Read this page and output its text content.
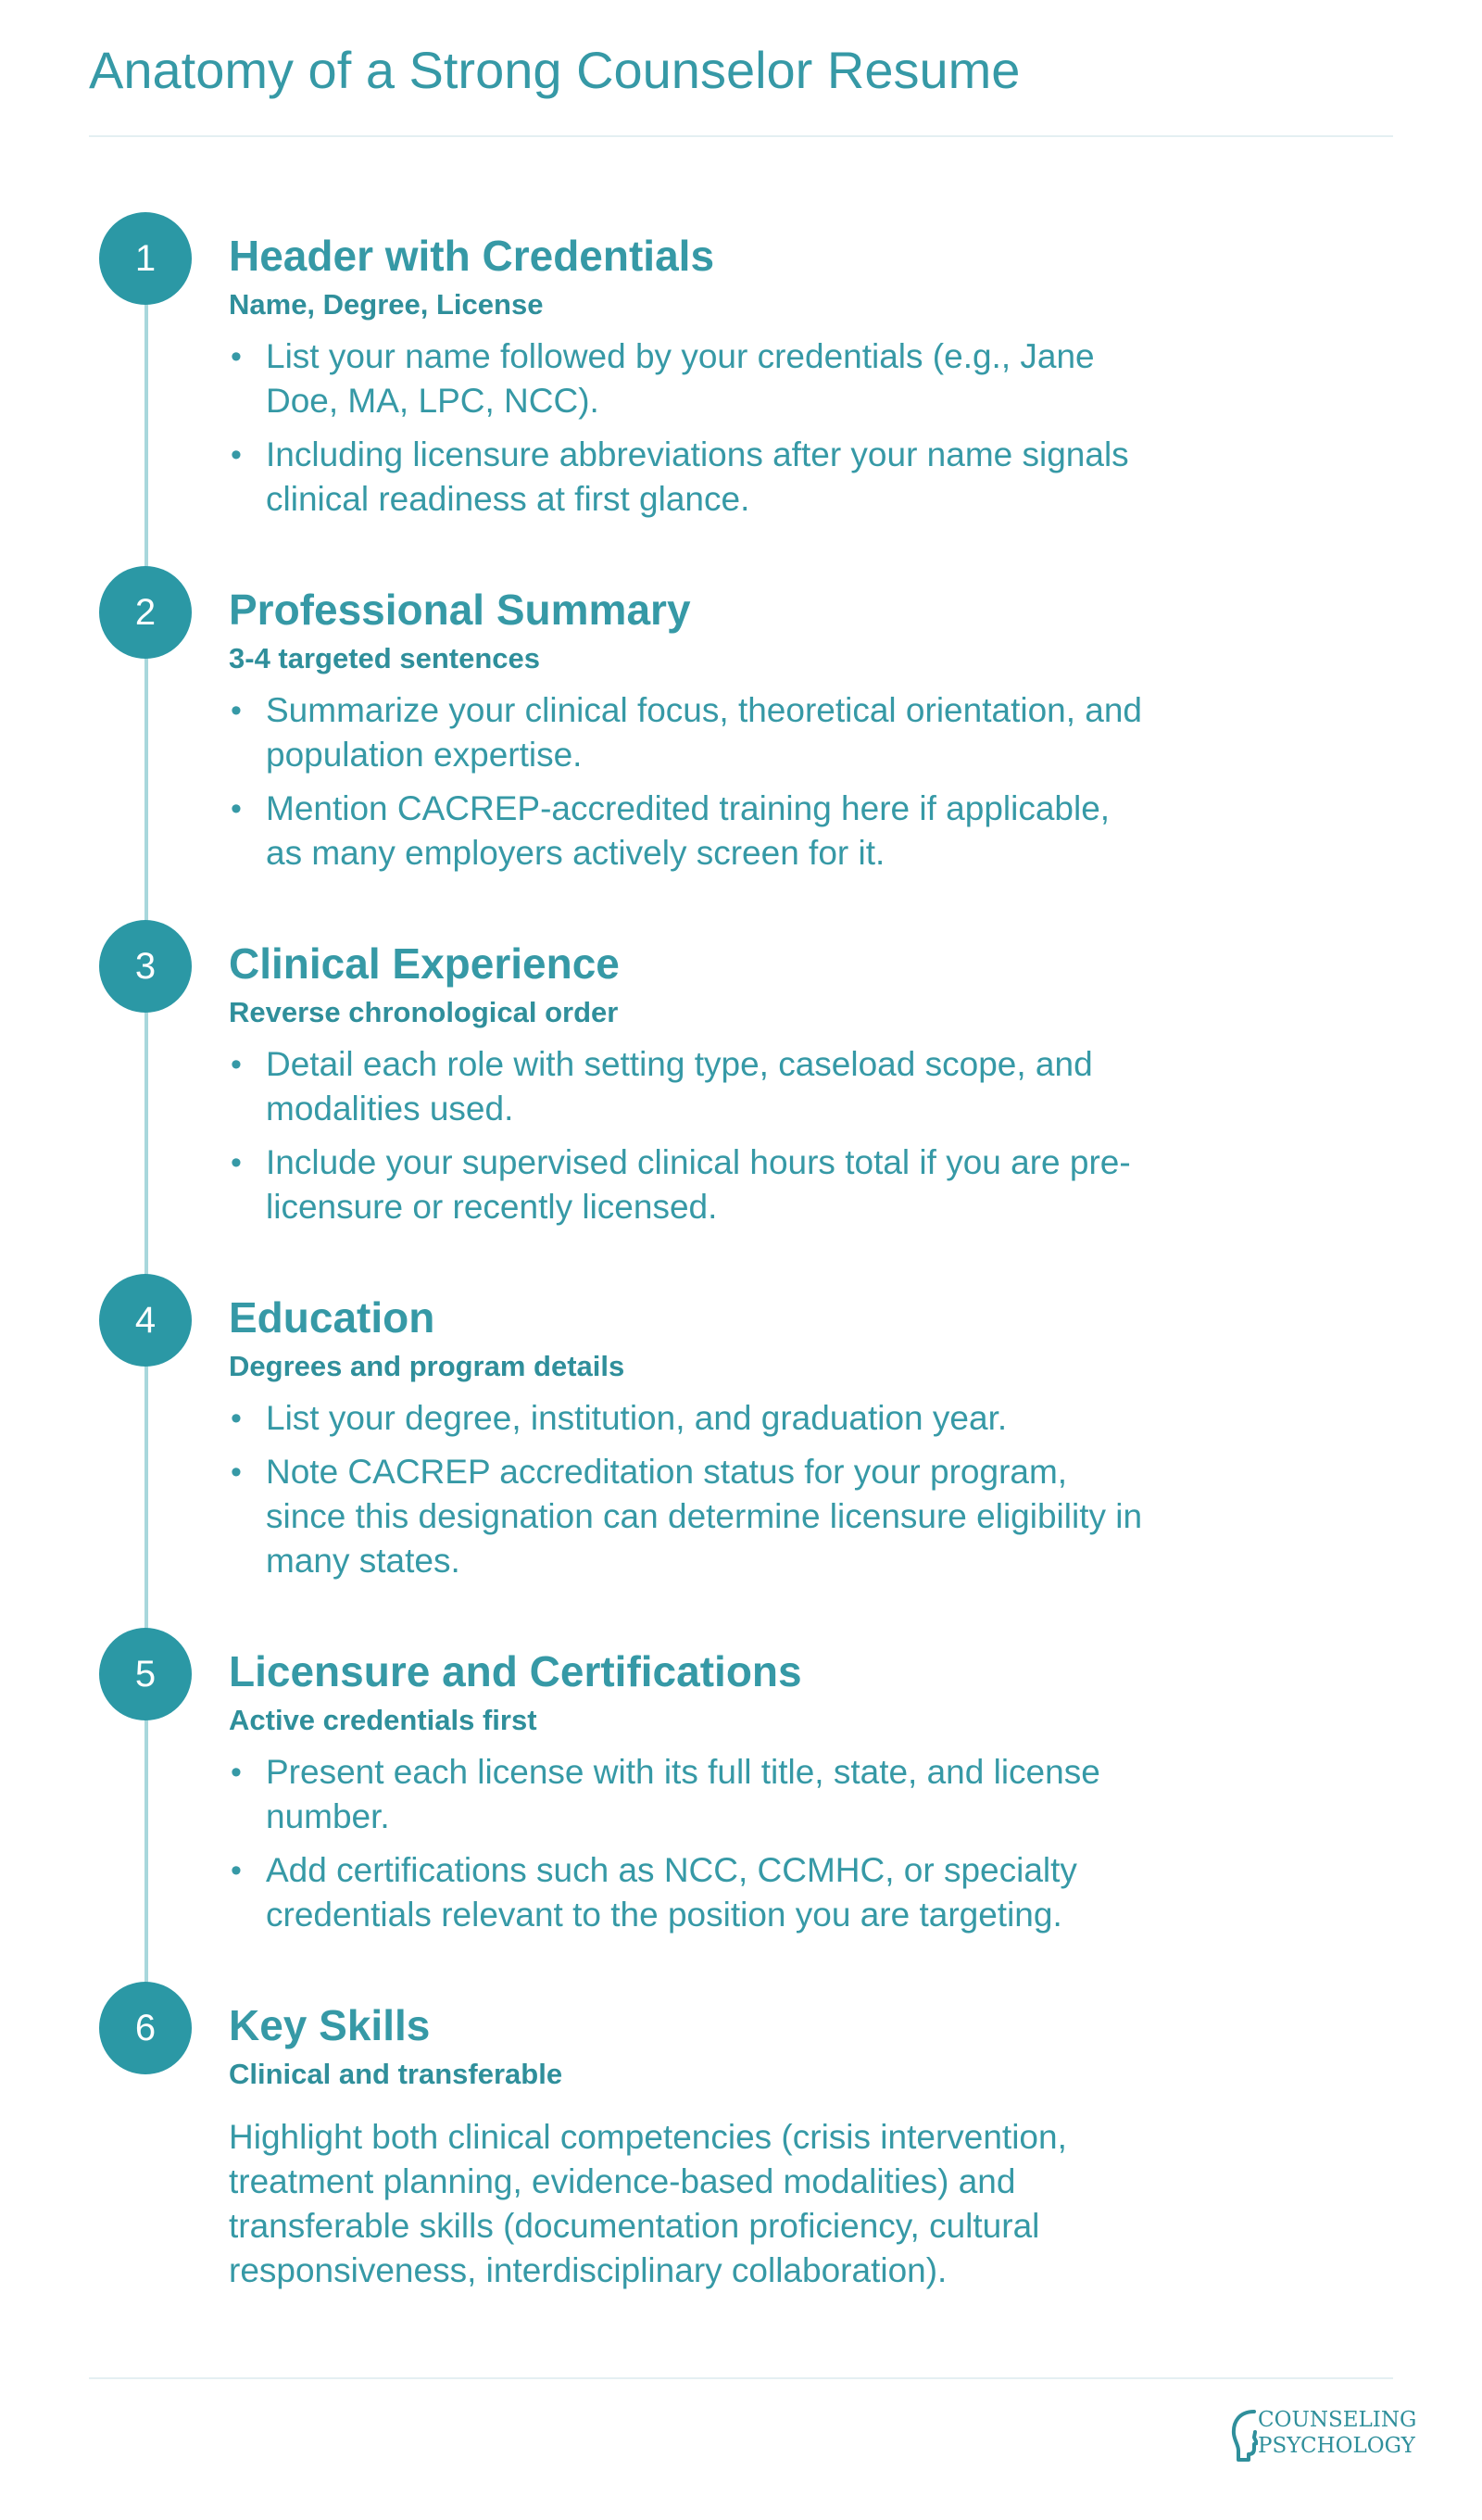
Anatomy of a Strong Counselor Resume
1	Header with Credentials
Name, Degree, License
• List your name followed by your credentials (e.g., Jane Doe, MA, LPC, NCC).
• Including licensure abbreviations after your name signals clinical readiness at first glance.
2	Professional Summary
3-4 targeted sentences
• Summarize your clinical focus, theoretical orientation, and population expertise.
• Mention CACREP-accredited training here if applicable, as many employers actively screen for it.
3	Clinical Experience
Reverse chronological order
• Detail each role with setting type, caseload scope, and modalities used.
• Include your supervised clinical hours total if you are pre-licensure or recently licensed.
4	Education
Degrees and program details
• List your degree, institution, and graduation year.
• Note CACREP accreditation status for your program, since this designation can determine licensure eligibility in many states.
5	Licensure and Certifications
Active credentials first
• Present each license with its full title, state, and license number.
• Add certifications such as NCC, CCMHC, or specialty credentials relevant to the position you are targeting.
6	Key Skills
Clinical and transferable

Highlight both clinical competencies (crisis intervention, treatment planning, evidence-based modalities) and transferable skills (documentation proficiency, cultural responsiveness, interdisciplinary collaboration).

COUNSELING
PSYCHOLOGY
